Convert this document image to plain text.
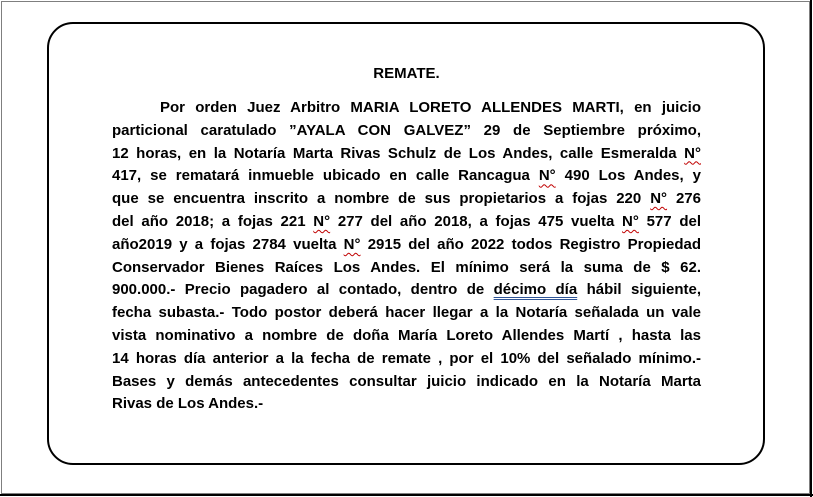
REMATE.
Por orden Juez Arbitro MARIA LORETO ALLENDES MARTI, en juicio
particional caratulado ”AYALA CON GALVEZ” 29 de Septiembre próximo,
12 horas, en la Notaría Marta Rivas Schulz de Los Andes, calle Esmeralda N°
417, se rematará inmueble ubicado en calle Rancagua N° 490 Los Andes, y
que se encuentra inscrito a nombre de sus propietarios a fojas 220 N° 276
del año 2018; a fojas 221 N° 277 del año 2018, a fojas 475 vuelta N° 577 del
año2019 y a fojas 2784 vuelta N° 2915 del año 2022 todos Registro Propiedad
Conservador Bienes Raíces Los Andes. El mínimo será la suma de $ 62.
900.000.- Precio pagadero al contado, dentro de décimo día hábil siguiente,
fecha subasta.- Todo postor deberá hacer llegar a la Notaría señalada un vale
vista nominativo a nombre de doña María Loreto Allendes Martí , hasta las
14 horas día anterior a la fecha de remate , por el 10% del señalado mínimo.-
Bases y demás antecedentes consultar juicio indicado en la Notaría Marta
Rivas de Los Andes.-
